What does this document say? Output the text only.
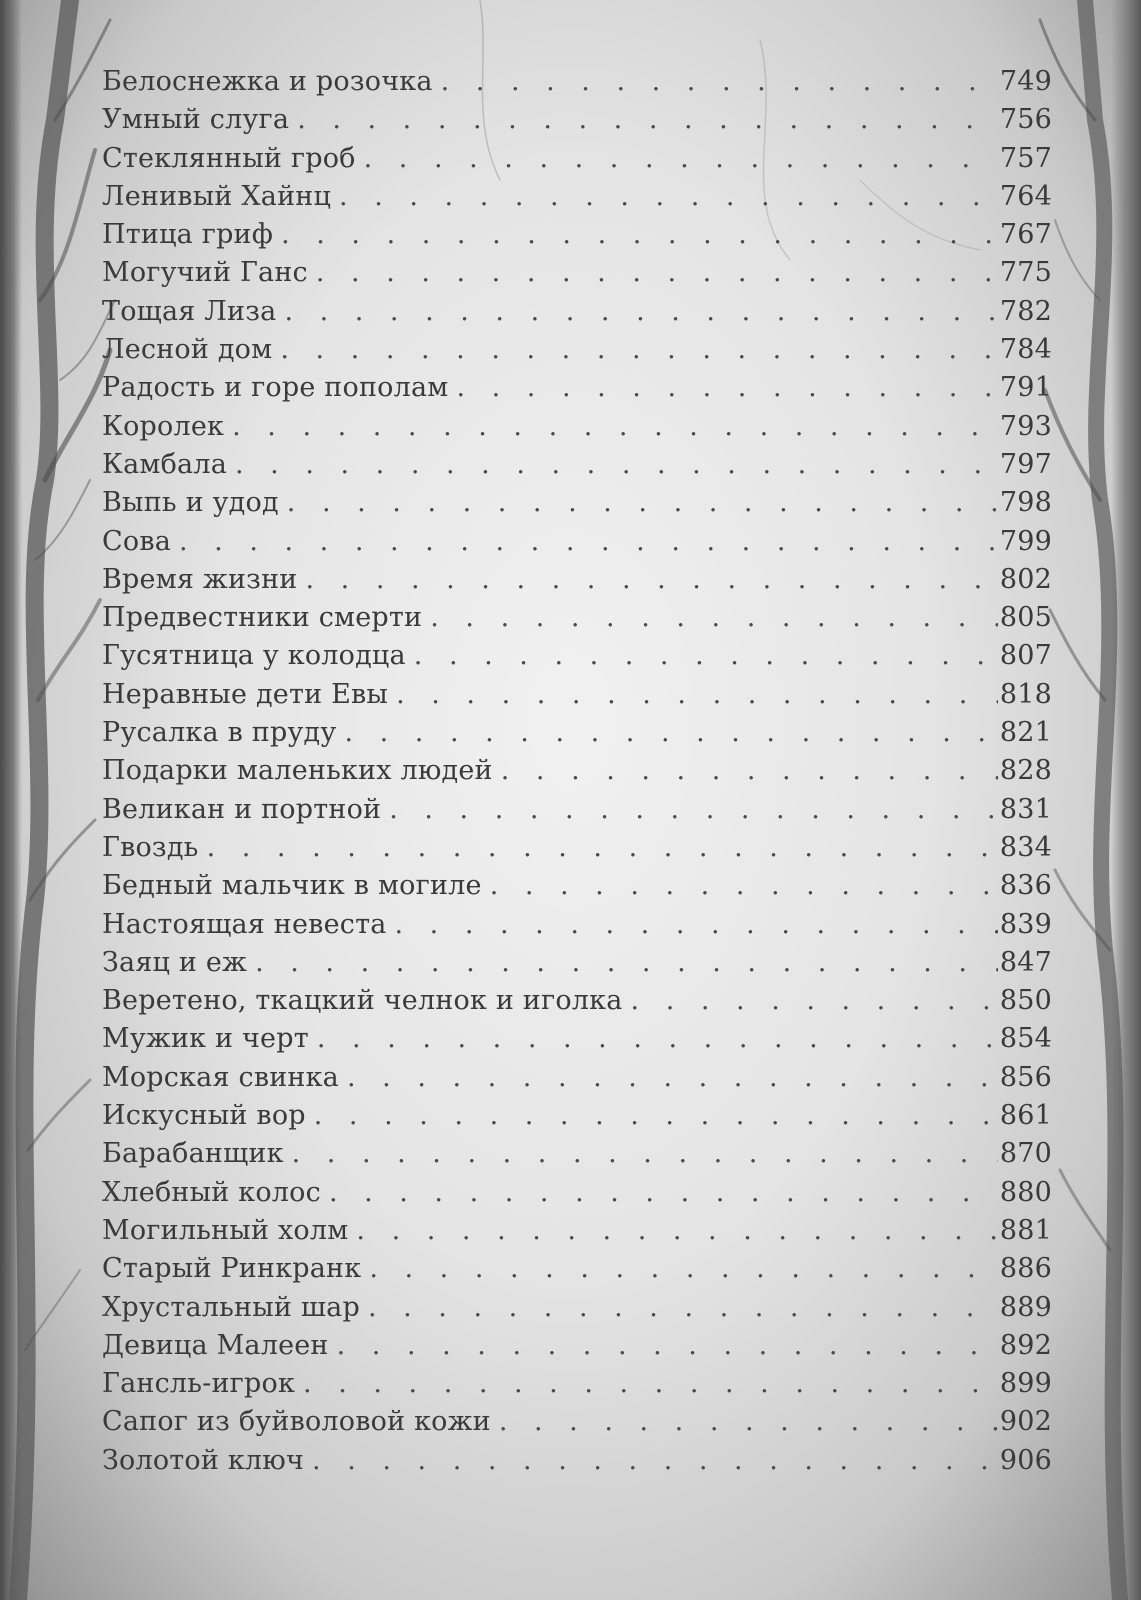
Белоснежка и розочка . . .	749
Умный слуга . . .	756
Стеклянный гроб . . .	757
Ленивый Хайнц . . .	764
Птица гриф . . .	767
Могучий Ганс . . .	775
Тощая Лиза . . .	782
Лесной дом . . .	784
Радость и горе пополам . . .	791
Королек . . .	793
Камбала . . .	797
Выпь и удод . . .	798
Сова . . .	799
Время жизни . . .	802
Предвестники смерти . . .	805
Гусятница у колодца . . .	807
Неравные дети Евы . . .	818
Русалка в пруду . . .	821
Подарки маленьких людей . . .	828
Великан и портной . . .	831
Гвоздь . . .	834
Бедный мальчик в могиле . . .	836
Настоящая невеста . . .	839
Заяц и еж . . .	847
Веретено, ткацкий челнок и иголка . . .	850
Мужик и черт . . .	854
Морская свинка . . .	856
Искусный вор . . .	861
Барабанщик . . .	870
Хлебный колос . . .	880
Могильный холм . . .	881
Старый Ринкранк . . .	886
Хрустальный шар . . .	889
Девица Малеен . . .	892
Гансль-игрок . . .	899
Сапог из буйволовой кожи . . .	902
Золотой ключ . . .	906
